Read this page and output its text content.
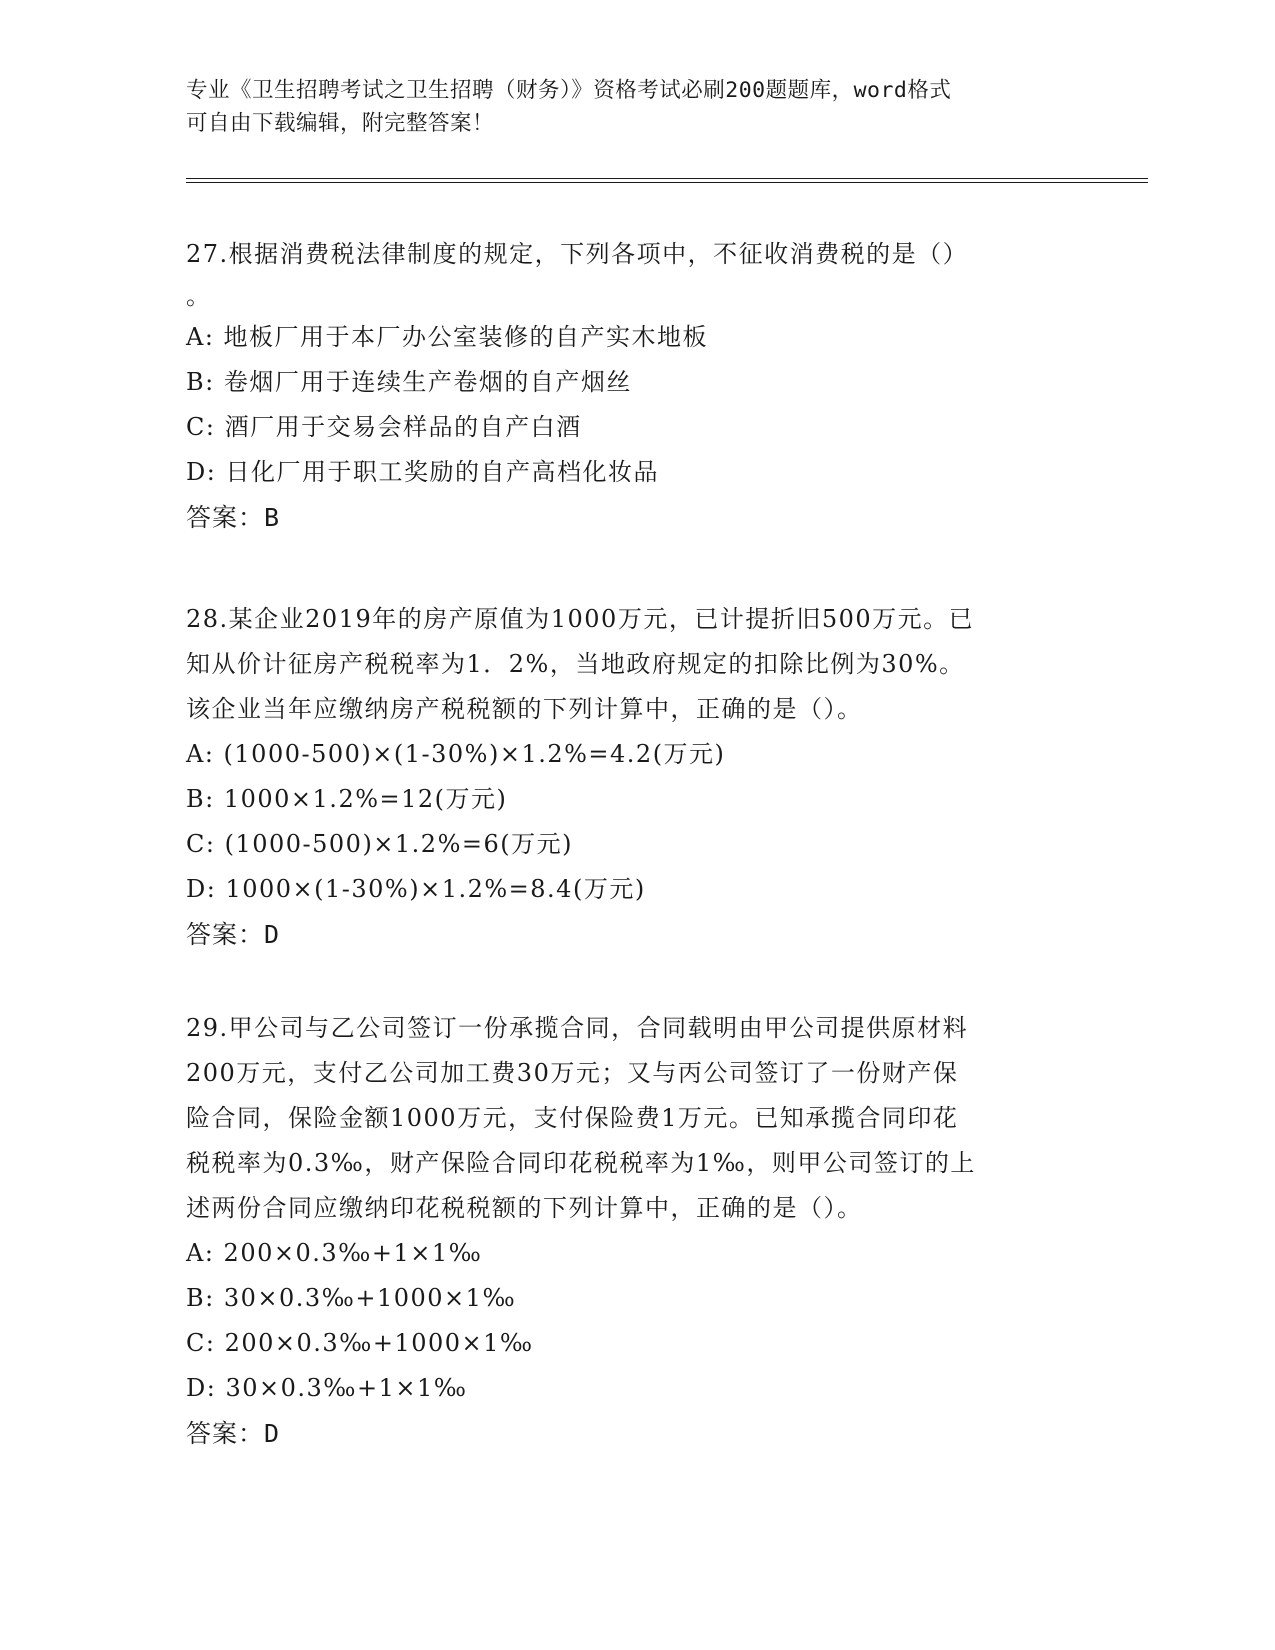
专业《卫生招聘考试之卫生招聘（财务）》资格考试必刷200题题库，word格式

可自由下载编辑，附完整答案！

27.根据消费税法律制度的规定，下列各项中，不征收消费税的是（）

。

A: 地板厂用于本厂办公室装修的自产实木地板

B: 卷烟厂用于连续生产卷烟的自产烟丝

C: 酒厂用于交易会样品的自产白酒

D: 日化厂用于职工奖励的自产高档化妆品

答案：B

28.某企业2019年的房产原值为1000万元，已计提折旧500万元。已

知从价计征房产税税率为1．2%，当地政府规定的扣除比例为30%。

该企业当年应缴纳房产税税额的下列计算中，正确的是（）。

A: (1000-500)×(1-30%)×1.2%=4.2(万元)

B: 1000×1.2%=12(万元)

C: (1000-500)×1.2%=6(万元)

D: 1000×(1-30%)×1.2%=8.4(万元)

答案：D

29.甲公司与乙公司签订一份承揽合同，合同载明由甲公司提供原材料

200万元，支付乙公司加工费30万元；又与丙公司签订了一份财产保

险合同，保险金额1000万元，支付保险费1万元。已知承揽合同印花

税税率为0.3‰，财产保险合同印花税税率为1‰，则甲公司签订的上

述两份合同应缴纳印花税税额的下列计算中，正确的是（）。

A: 200×0.3‰+1×1‰

B: 30×0.3‰+1000×1‰

C: 200×0.3‰+1000×1‰

D: 30×0.3‰+1×1‰

答案：D
